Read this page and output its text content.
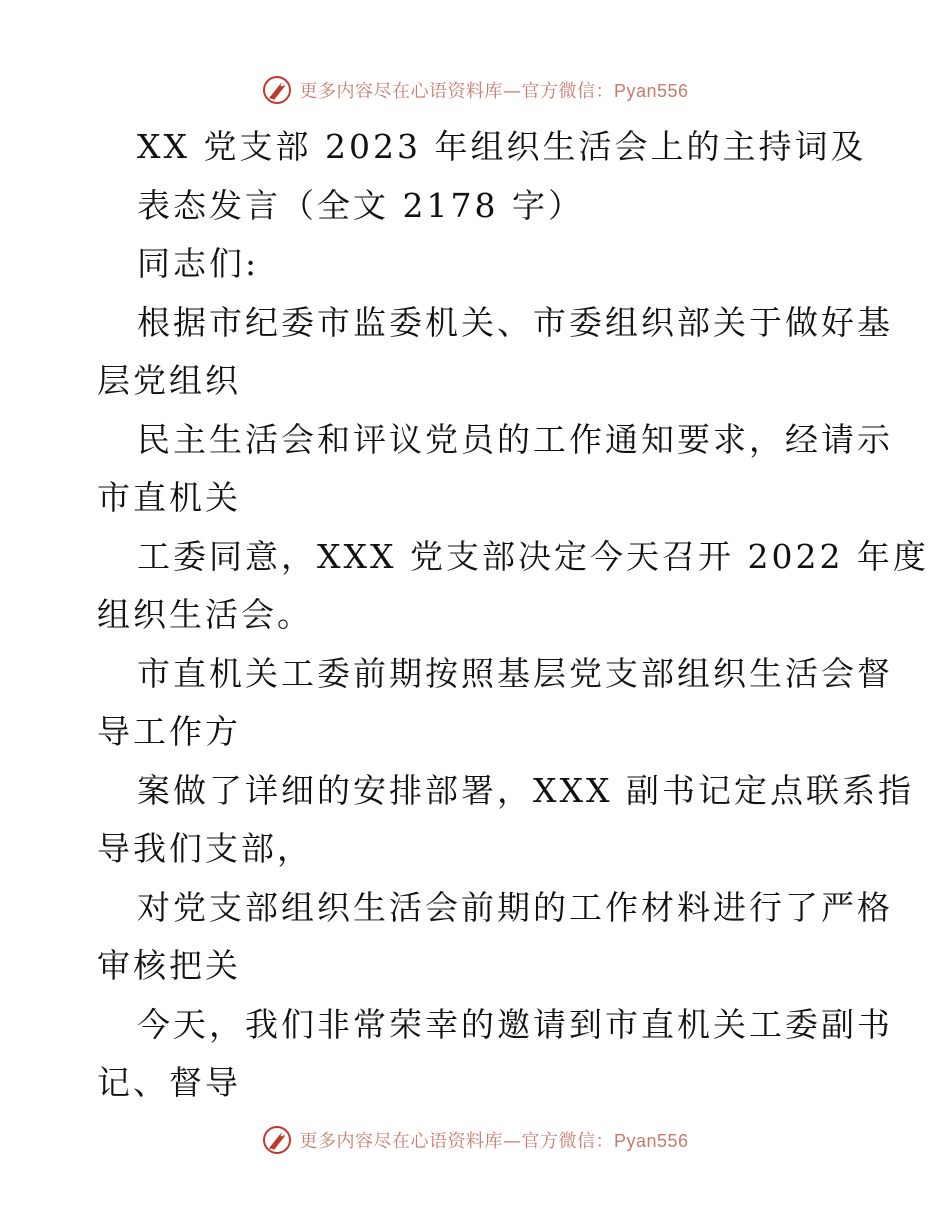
更多内容尽在心语资料库—官方微信：Pyan556

XX 党支部 2023 年组织生活会上的主持词及

表态发言（全文 2178 字）

同志们:

根据市纪委市监委机关、市委组织部关于做好基

层党组织

民主生活会和评议党员的工作通知要求，经请示

市直机关

工委同意，XXX 党支部决定今天召开 2022 年度

组织生活会。

市直机关工委前期按照基层党支部组织生活会督

导工作方

案做了详细的安排部署，XXX 副书记定点联系指

导我们支部，

对党支部组织生活会前期的工作材料进行了严格

审核把关

今天，我们非常荣幸的邀请到市直机关工委副书

记、督导

更多内容尽在心语资料库—官方微信：Pyan556
